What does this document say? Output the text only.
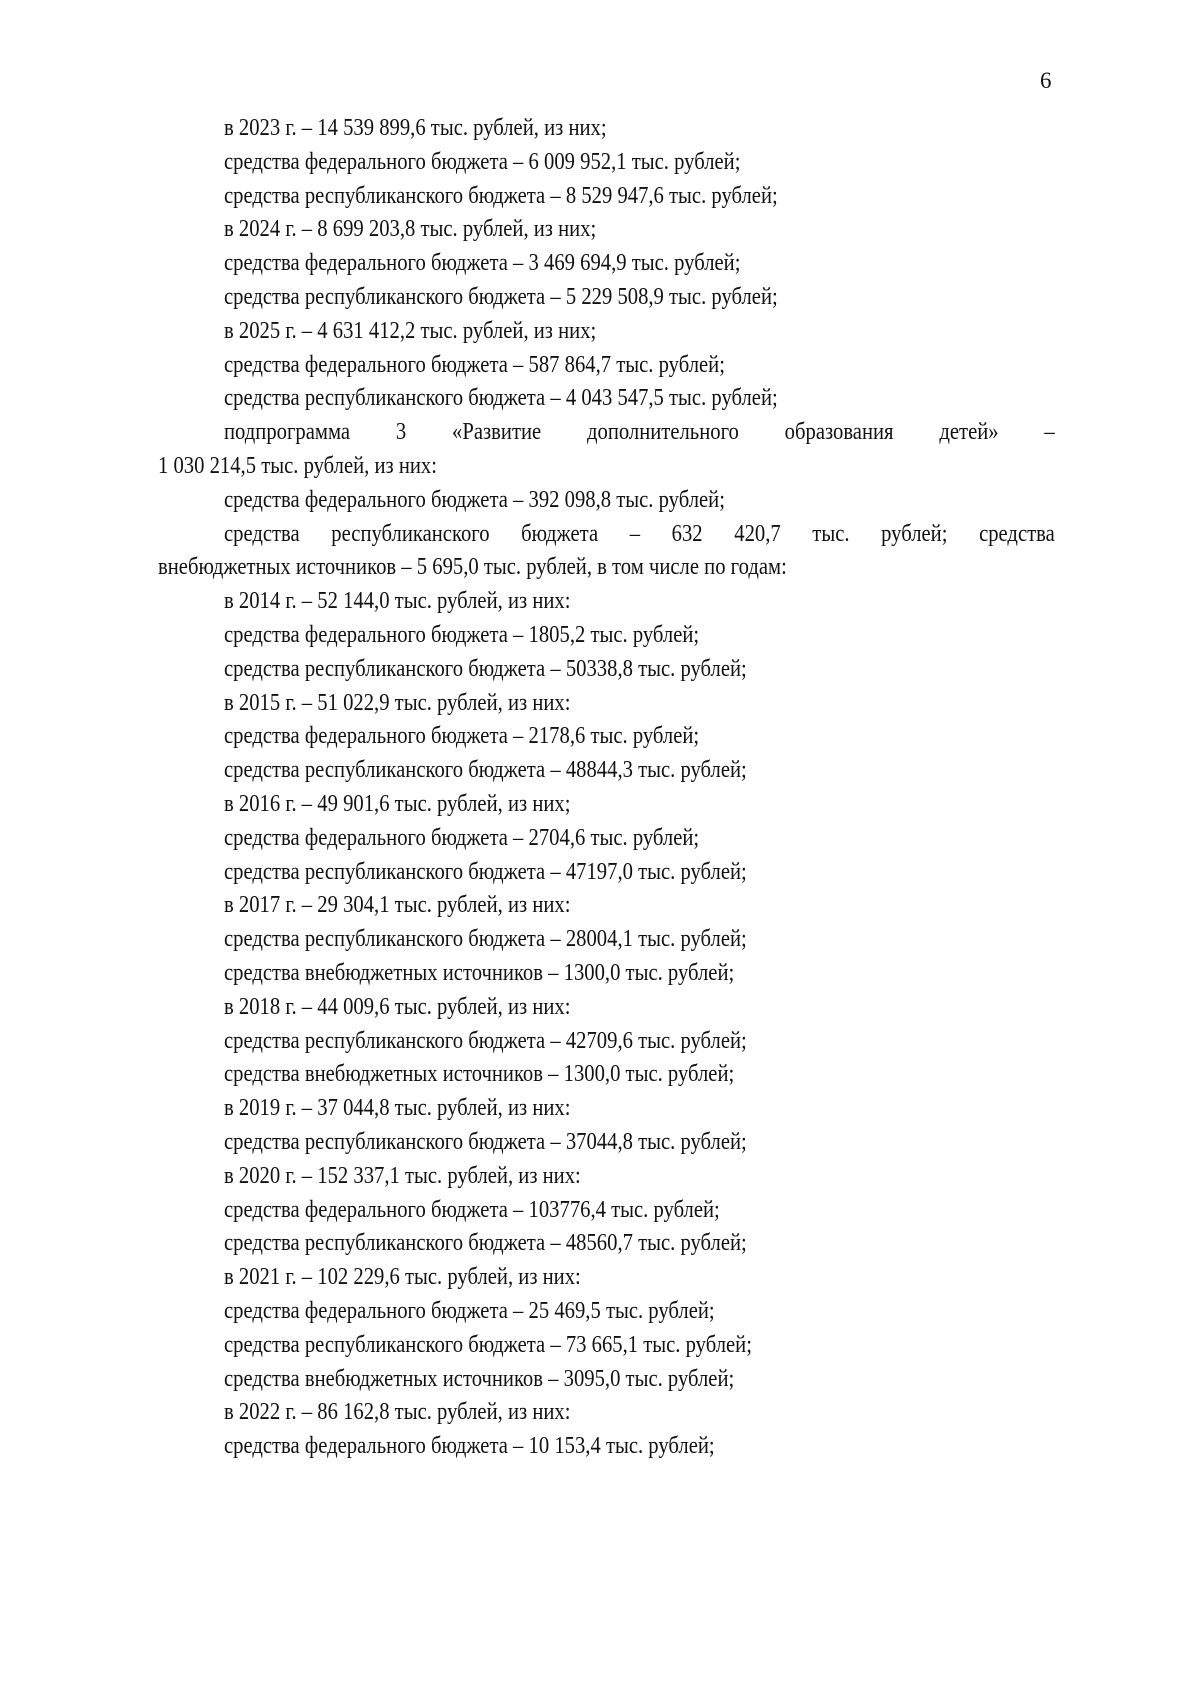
6
в 2023 г. – 14 539 899,6 тыс. рублей, из них;
средства федерального бюджета – 6 009 952,1 тыс. рублей;
средства республиканского бюджета – 8 529 947,6 тыс. рублей;
в 2024 г. – 8 699 203,8 тыс. рублей, из них;
средства федерального бюджета – 3 469 694,9 тыс. рублей;
средства республиканского бюджета – 5 229 508,9 тыс. рублей;
в 2025 г. – 4 631 412,2 тыс. рублей, из них;
средства федерального бюджета – 587 864,7 тыс. рублей;
средства республиканского бюджета – 4 043 547,5 тыс. рублей;
подпрограмма 3 «Развитие дополнительного образования детей» –
1 030 214,5 тыс. рублей, из них:
средства федерального бюджета – 392 098,8 тыс. рублей;
средства республиканского бюджета – 632 420,7 тыс. рублей; средства
внебюджетных источников – 5 695,0 тыс. рублей, в том числе по годам:
в 2014 г. – 52 144,0 тыс. рублей, из них:
средства федерального бюджета – 1805,2 тыс. рублей;
средства республиканского бюджета – 50338,8 тыс. рублей;
в 2015 г. – 51 022,9 тыс. рублей, из них:
средства федерального бюджета – 2178,6 тыс. рублей;
средства республиканского бюджета – 48844,3 тыс. рублей;
в 2016 г. – 49 901,6 тыс. рублей, из них;
средства федерального бюджета – 2704,6 тыс. рублей;
средства республиканского бюджета – 47197,0 тыс. рублей;
в 2017 г. – 29 304,1 тыс. рублей, из них:
средства республиканского бюджета – 28004,1 тыс. рублей;
средства внебюджетных источников – 1300,0 тыс. рублей;
в 2018 г. – 44 009,6 тыс. рублей, из них:
средства республиканского бюджета – 42709,6 тыс. рублей;
средства внебюджетных источников – 1300,0 тыс. рублей;
в 2019 г. – 37 044,8 тыс. рублей, из них:
средства республиканского бюджета – 37044,8 тыс. рублей;
в 2020 г. – 152 337,1 тыс. рублей, из них:
средства федерального бюджета – 103776,4 тыс. рублей;
средства республиканского бюджета – 48560,7 тыс. рублей;
в 2021 г. – 102 229,6 тыс. рублей, из них:
средства федерального бюджета – 25 469,5 тыс. рублей;
средства республиканского бюджета – 73 665,1 тыс. рублей;
средства внебюджетных источников – 3095,0 тыс. рублей;
в 2022 г. – 86 162,8 тыс. рублей, из них:
средства федерального бюджета – 10 153,4 тыс. рублей;
